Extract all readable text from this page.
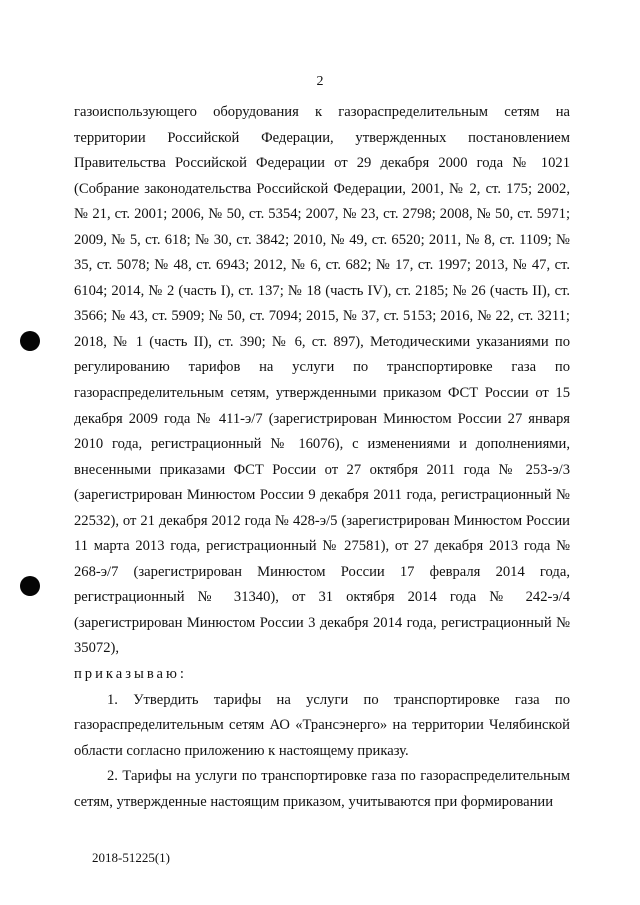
2

газоиспользующего оборудования к газораспределительным сетям на территории Российской Федерации, утвержденных постановлением Правительства Российской Федерации от 29 декабря 2000 года № 1021 (Собрание законодательства Российской Федерации, 2001, № 2, ст. 175; 2002, № 21, ст. 2001; 2006, № 50, ст. 5354; 2007, № 23, ст. 2798; 2008, № 50, ст. 5971; 2009, № 5, ст. 618; № 30, ст. 3842; 2010, № 49, ст. 6520; 2011, № 8, ст. 1109; № 35, ст. 5078; № 48, ст. 6943; 2012, № 6, ст. 682; № 17, ст. 1997; 2013, № 47, ст. 6104; 2014, № 2 (часть I), ст. 137; № 18 (часть IV), ст. 2185; № 26 (часть II), ст. 3566; № 43, ст. 5909; № 50, ст. 7094; 2015, № 37, ст. 5153; 2016, № 22, ст. 3211; 2018, № 1 (часть II), ст. 390; № 6, ст. 897), Методическими указаниями по регулированию тарифов на услуги по транспортировке газа по газораспределительным сетям, утвержденными приказом ФСТ России от 15 декабря 2009 года № 411-э/7 (зарегистрирован Минюстом России 27 января 2010 года, регистрационный № 16076), с изменениями и дополнениями, внесенными приказами ФСТ России от 27 октября 2011 года № 253-э/3 (зарегистрирован Минюстом России 9 декабря 2011 года, регистрационный № 22532), от 21 декабря 2012 года № 428-э/5 (зарегистрирован Минюстом России 11 марта 2013 года, регистрационный № 27581), от 27 декабря 2013 года № 268-э/7 (зарегистрирован Минюстом России 17 февраля 2014 года, регистрационный № 31340), от 31 октября 2014 года № 242-э/4 (зарегистрирован Минюстом России 3 декабря 2014 года, регистрационный № 35072),

приказываю:

1. Утвердить тарифы на услуги по транспортировке газа по газораспределительным сетям АО «Трансэнерго» на территории Челябинской области согласно приложению к настоящему приказу.

2. Тарифы на услуги по транспортировке газа по газораспределительным сетям, утвержденные настоящим приказом, учитываются при формировании

2018-51225(1)
